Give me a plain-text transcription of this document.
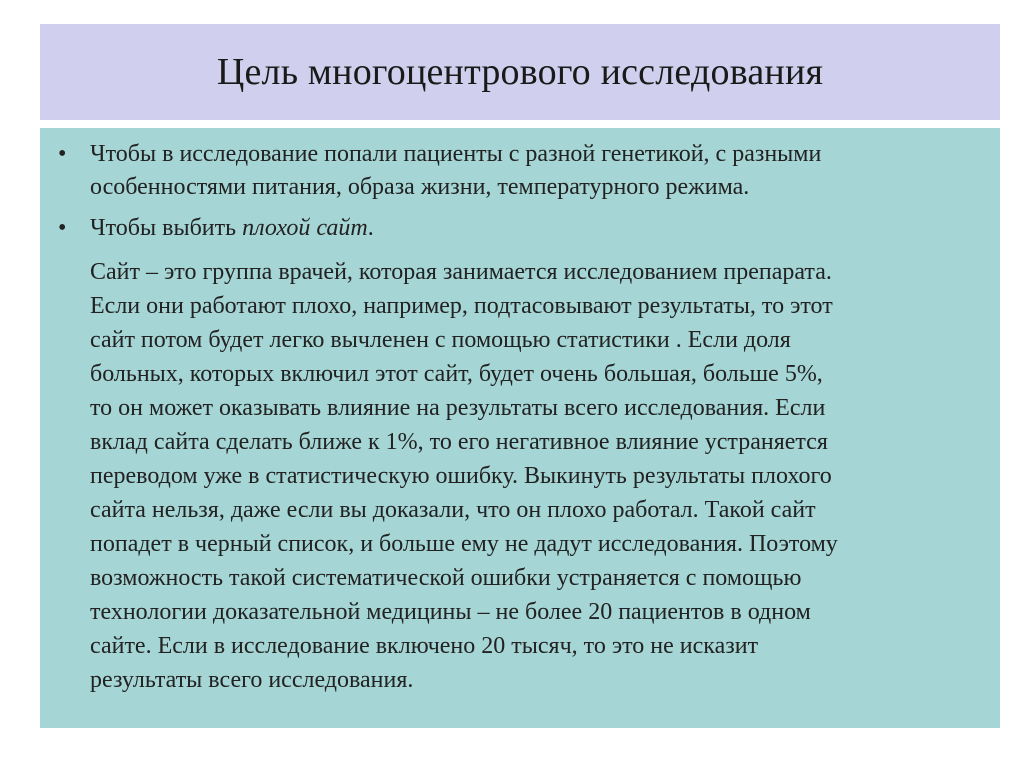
Цель многоцентрового исследования
• Чтобы в исследование попали пациенты с разной генетикой, с разными
особенностями питания, образа жизни, температурного режима.
• Чтобы выбить плохой сайт.
Сайт – это группа врачей, которая занимается исследованием препарата.
Если они работают плохо, например, подтасовывают результаты, то этот
сайт потом будет легко вычленен с помощью статистики . Если доля
больных, которых включил этот сайт, будет очень большая, больше 5%,
то он может оказывать влияние на результаты всего исследования. Если
вклад сайта сделать ближе к 1%, то его негативное влияние устраняется
переводом уже в статистическую ошибку. Выкинуть результаты плохого
сайта нельзя, даже если вы доказали, что он плохо работал. Такой сайт
попадет в черный список, и больше ему не дадут исследования. Поэтому
возможность такой систематической ошибки устраняется с помощью
технологии доказательной медицины – не более 20 пациентов в одном
сайте. Если в исследование включено 20 тысяч, то это не исказит
результаты всего исследования.
